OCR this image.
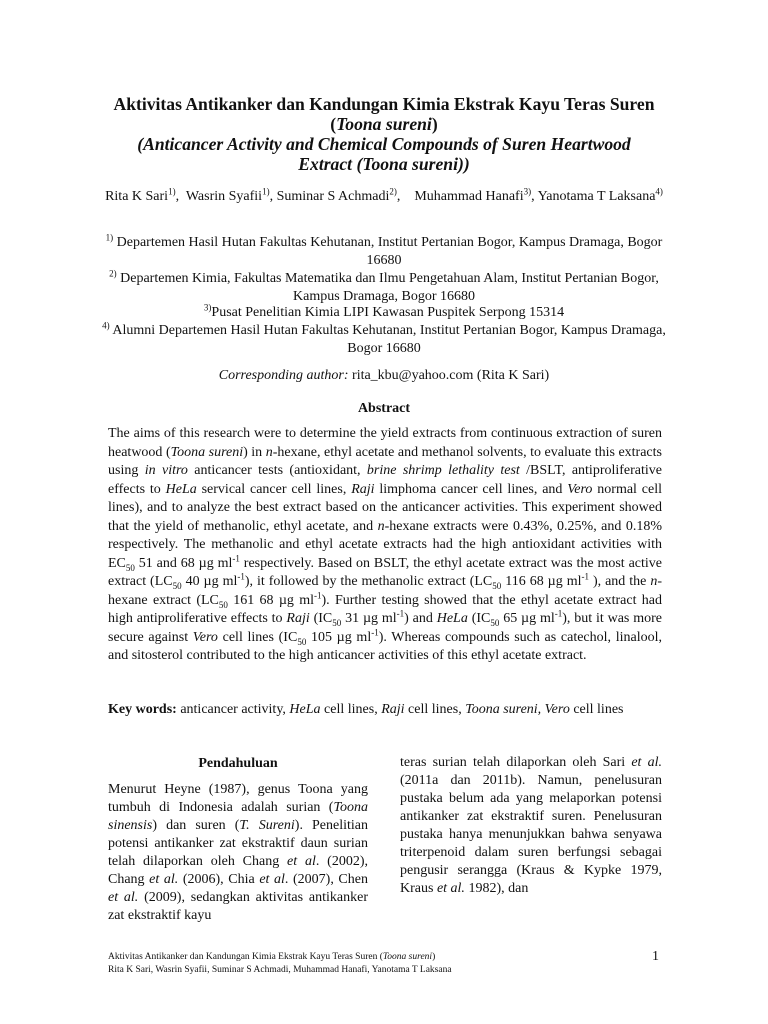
Aktivitas Antikanker dan Kandungan Kimia Ekstrak Kayu Teras Suren
(Toona sureni)
(Anticancer Activity and Chemical Compounds of Suren Heartwood
Extract (Toona sureni))
Rita K Sari$^{1)}$,  Wasrin Syafii$^{1)}$, Suminar S Achmadi$^{2)}$,    Muhammad Hanafi$^{3)}$, Yanotama T Laksana$^{4)}$
$^{1)}$ Departemen Hasil Hutan Fakultas Kehutanan, Institut Pertanian Bogor, Kampus Dramaga, Bogor 16680
$^{2)}$ Departemen Kimia, Fakultas Matematika dan Ilmu Pengetahuan Alam, Institut Pertanian Bogor, Kampus Dramaga, Bogor 16680
$^{3)}$Pusat Penelitian Kimia LIPI Kawasan Puspitek Serpong 15314
$^{4)}$ Alumni Departemen Hasil Hutan Fakultas Kehutanan, Institut Pertanian Bogor, Kampus Dramaga, Bogor 16680
Corresponding author: rita_kbu@yahoo.com (Rita K Sari)
Abstract
The aims of this research were to determine the yield extracts from continuous extraction of suren heatwood (Toona sureni) in n-hexane, ethyl acetate and methanol solvents, to evaluate this extracts using in vitro anticancer tests (antioxidant, brine shrimp lethality test /BSLT, antiproliferative effects to HeLa servical cancer cell lines, Raji limphoma cancer cell lines, and Vero normal cell lines), and to analyze the best extract based on the anticancer activities. This experiment showed that the yield of methanolic, ethyl acetate, and n-hexane extracts were 0.43%, 0.25%, and 0.18% respectively. The methanolic and ethyl acetate extracts had the high antioxidant activities with $EC_{50}$ 51 and 68 µg $ml^{-1}$ respectively. Based on BSLT, the ethyl acetate extract was the most active extract ($LC_{50}$ 40 µg $ml^{-1}$), it followed by the methanolic extract ($LC_{50}$ 116 68 µg $ml^{-1}$ ), and the n-hexane extract ($LC_{50}$ 161 68 µg $ml^{-1}$). Further testing showed that the ethyl acetate extract had high antiproliferative effects to Raji ($IC_{50}$ 31 µg $ml^{-1}$) and HeLa ($IC_{50}$ 65 µg $ml^{-1}$), but it was more secure against Vero cell lines ($IC_{50}$ 105 µg $ml^{-1}$). Whereas compounds such as catechol, linalool, and sitosterol contributed to the high anticancer activities of this ethyl acetate extract.
Key words: anticancer activity, HeLa cell lines, Raji cell lines, Toona sureni, Vero cell lines
Pendahuluan
Menurut Heyne (1987), genus Toona yang tumbuh di Indonesia adalah surian (Toona sinensis) dan suren (T. Sureni). Penelitian potensi antikanker zat ekstraktif daun surian telah dilaporkan oleh Chang et al. (2002), Chang et al. (2006), Chia et al. (2007), Chen et al. (2009), sedangkan aktivitas antikanker zat ekstraktif kayu
teras surian telah dilaporkan oleh Sari et al. (2011a dan 2011b). Namun, penelusuran pustaka belum ada yang melaporkan potensi antikanker zat ekstraktif suren. Penelusuran pustaka hanya menunjukkan bahwa senyawa triterpenoid dalam suren berfungsi sebagai pengusir serangga (Kraus & Kypke 1979, Kraus et al. 1982), dan
Aktivitas Antikanker dan Kandungan Kimia Ekstrak Kayu Teras Suren (Toona sureni)
Rita K Sari, Wasrin Syafii, Suminar S Achmadi, Muhammad Hanafi, Yanotama T Laksana
1
